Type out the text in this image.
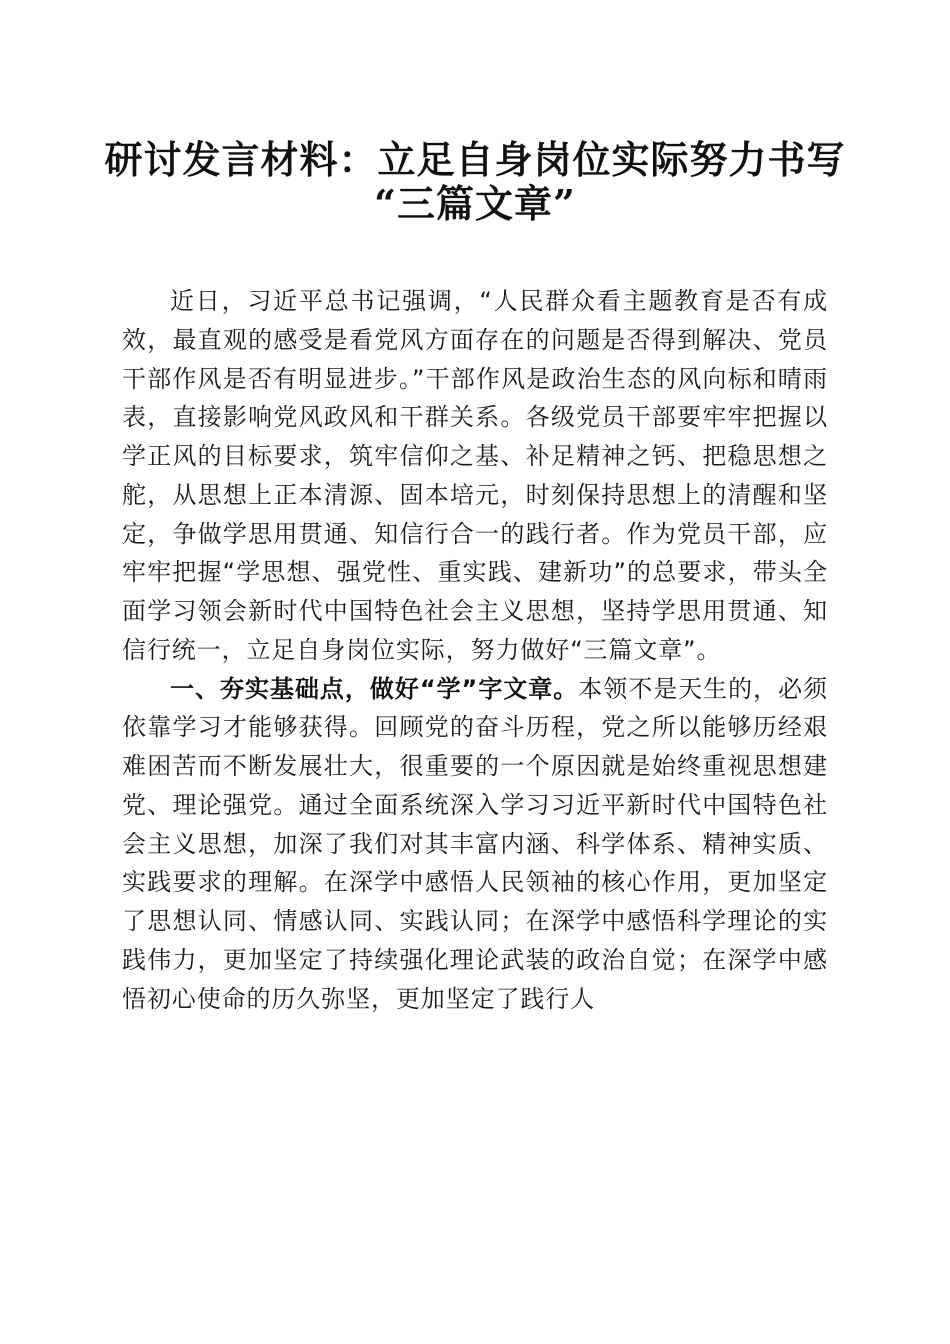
研讨发言材料：立足自身岗位实际努力书写
“三篇文章”

近日，习近平总书记强调，“人民群众看主题教育是否有成效，最直观的感受是看党风方面存在的问题是否得到解决、党员干部作风是否有明显进步。”干部作风是政治生态的风向标和晴雨表，直接影响党风政风和干群关系。各级党员干部要牢牢把握以学正风的目标要求，筑牢信仰之基、补足精神之钙、把稳思想之舵，从思想上正本清源、固本培元，时刻保持思想上的清醒和坚定，争做学思用贯通、知信行合一的践行者。作为党员干部，应牢牢把握“学思想、强党性、重实践、建新功”的总要求，带头全面学习领会新时代中国特色社会主义思想，坚持学思用贯通、知信行统一，立足自身岗位实际，努力做好“三篇文章”。

一、夯实基础点，做好“学”字文章。本领不是天生的，必须依靠学习才能够获得。回顾党的奋斗历程，党之所以能够历经艰难困苦而不断发展壮大，很重要的一个原因就是始终重视思想建党、理论强党。通过全面系统深入学习习近平新时代中国特色社会主义思想，加深了我们对其丰富内涵、科学体系、精神实质、实践要求的理解。在深学中感悟人民领袖的核心作用，更加坚定了思想认同、情感认同、实践认同；在深学中感悟科学理论的实践伟力，更加坚定了持续强化理论武装的政治自觉；在深学中感悟初心使命的历久弥坚，更加坚定了践行人
